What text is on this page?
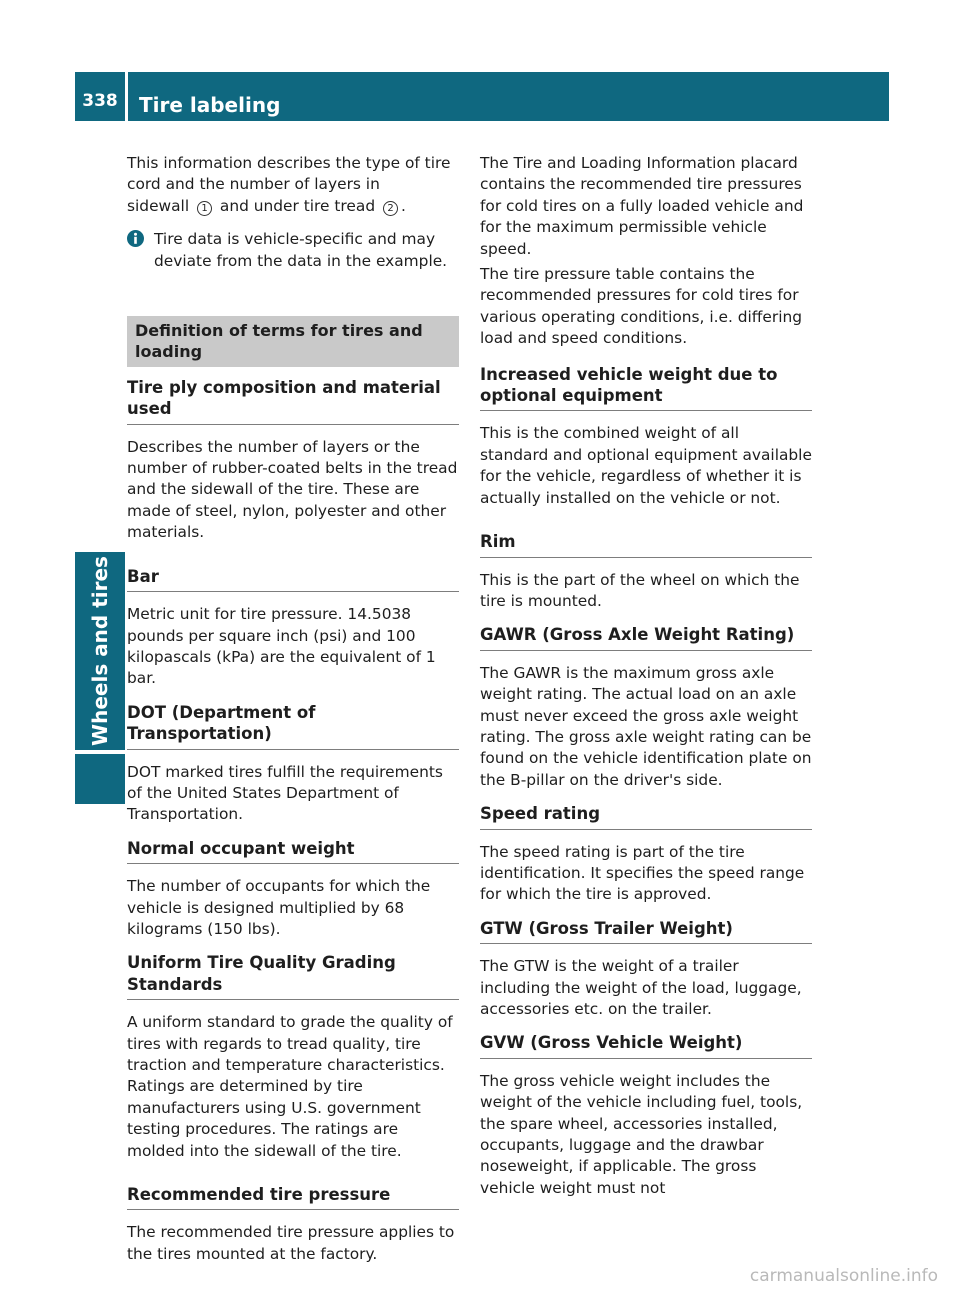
338	Tire labeling
Wheels and tires

This information describes the type of tire
cord and the number of layers in
sidewall 1 and under tire tread 2 .

Tire data is vehicle-specific and may deviate from the data in the example.

Definition of terms for tires and loading
Tire ply composition and material used

Describes the number of layers or the number of rubber-coated belts in the tread and the sidewall of the tire. These are made of steel, nylon, polyester and other materials.

Bar

Metric unit for tire pressure. 14.5038 pounds per square inch (psi) and 100 kilopascals (kPa) are the equivalent of 1 bar.

DOT (Department of Transportation)

DOT marked tires fulfill the requirements of the United States Department of Transportation.

Normal occupant weight

The number of occupants for which the vehicle is designed multiplied by 68 kilograms (150 lbs).

Uniform Tire Quality Grading Standards

A uniform standard to grade the quality of tires with regards to tread quality, tire traction and temperature characteristics. Ratings are determined by tire manufacturers using U.S. government testing procedures. The ratings are molded into the sidewall of the tire.

Recommended tire pressure

The recommended tire pressure applies to the tires mounted at the factory.

The Tire and Loading Information placard contains the recommended tire pressures for cold tires on a fully loaded vehicle and for the maximum permissible vehicle speed.

The tire pressure table contains the recommended pressures for cold tires for various operating conditions, i.e. differing load and speed conditions.

Increased vehicle weight due to optional equipment

This is the combined weight of all standard and optional equipment available for the vehicle, regardless of whether it is actually installed on the vehicle or not.

Rim

This is the part of the wheel on which the tire is mounted.

GAWR (Gross Axle Weight Rating)

The GAWR is the maximum gross axle weight rating. The actual load on an axle must never exceed the gross axle weight rating. The gross axle weight rating can be found on the vehicle identification plate on the B-pillar on the driver's side.

Speed rating

The speed rating is part of the tire identification. It specifies the speed range for which the tire is approved.

GTW (Gross Trailer Weight)

The GTW is the weight of a trailer including the weight of the load, luggage, accessories etc. on the trailer.

GVW (Gross Vehicle Weight)

The gross vehicle weight includes the weight of the vehicle including fuel, tools, the spare wheel, accessories installed, occupants, luggage and the drawbar noseweight, if applicable. The gross vehicle weight must not

carmanualsonline.info
